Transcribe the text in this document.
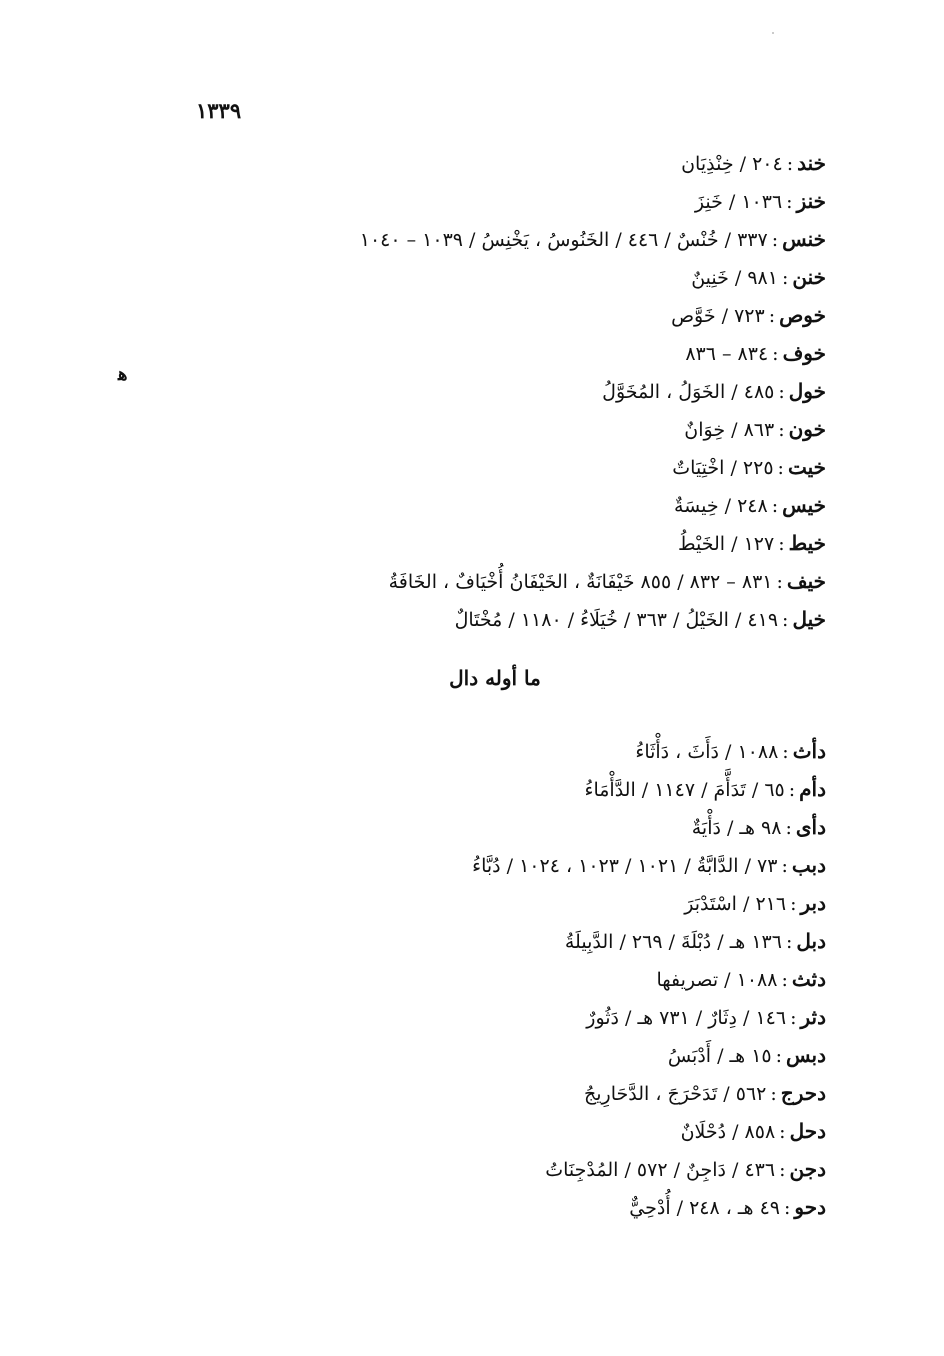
١٣٣٩
ﻫ
خند:٢٠٤ / خِنْذِيَان
خنز:١٠٣٦ / خَنِزَ
خنس:٣٣٧ / خُنْسٌ / ٤٤٦ / الخَنُوسُ ، يَخْنِسُ / ١٠٣٩ – ١٠٤٠
خنن:٩٨١ / خَنِينٌ
خوص:٧٢٣ / خَوَّص
خوف:٨٣٤ – ٨٣٦
خول:٤٨٥ / الخَوَلُ ، المُخَوَّلُ
خون:٨٦٣ / خِوَانٌ
خيت:٢٢٥ / اخْتِيَاتٌ
خيس:٢٤٨ / خِيسَةٌ
خيط:١٢٧ / الخَيْطُ
خيف:٨٣١ – ٨٣٢ / ٨٥٥ خَيْفَانَةٌ ، الخَيْفَانُ أُخْيَافٌ ، الخَافَةُ
خيل:٤١٩ / الخَيْلُ / ٣٦٣ / خُيَلَاءُ / ١١٨٠ / مُخْتَالٌ
ما أوله دال
دأث:١٠٨٨ / دَأَثَ ، دَأْثَاءُ
دأم:٦٥ / تَدَأَّمَ / ١١٤٧ / الدَّأْمَاءُ
دأى:٩٨ هـ / دَأْيَةٌ
دبب:٧٣ / الدَّابَّةُ / ١٠٢١ / ١٠٢٣ ، ١٠٢٤ / دُبَّاءُ
دبر:٢١٦ / اسْتَدْبَرَ
دبل:١٣٦ هـ / دُبْلَةَ / ٢٦٩ / الدَّبِيلَةُ
دثث:١٠٨٨ / تصريفها
دثر:١٤٦ / دِثَارٌ / ٧٣١ هـ / دَثُورٌ
دبس:١٥ هـ / أَدْبَسُ
دحرج:٥٦٢ / تَدَحْرَجَ ، الدَّحَارِيجُ
دحل:٨٥٨ / دُحْلَانٌ
دجن:٤٣٦ / دَاجِنٌ / ٥٧٢ / المُدْجِنَاتُ
دحو:٤٩ هـ ، ٢٤٨ / أُدْحِيٌّ
